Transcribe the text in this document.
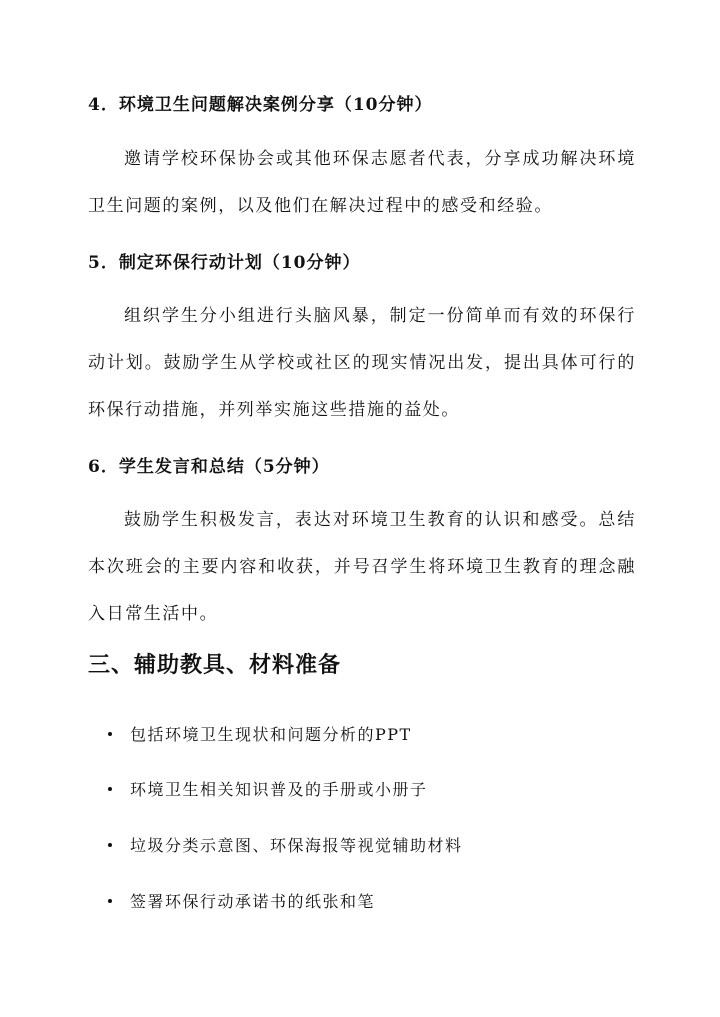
4．环境卫生问题解决案例分享（10分钟）
邀请学校环保协会或其他环保志愿者代表，分享成功解决环境卫生问题的案例，以及他们在解决过程中的感受和经验。
5．制定环保行动计划（10分钟）
组织学生分小组进行头脑风暴，制定一份简单而有效的环保行动计划。鼓励学生从学校或社区的现实情况出发，提出具体可行的环保行动措施，并列举实施这些措施的益处。
6．学生发言和总结（5分钟）
鼓励学生积极发言，表达对环境卫生教育的认识和感受。总结本次班会的主要内容和收获，并号召学生将环境卫生教育的理念融入日常生活中。
三、辅助教具、材料准备
包括环境卫生现状和问题分析的PPT
环境卫生相关知识普及的手册或小册子
垃圾分类示意图、环保海报等视觉辅助材料
签署环保行动承诺书的纸张和笔
